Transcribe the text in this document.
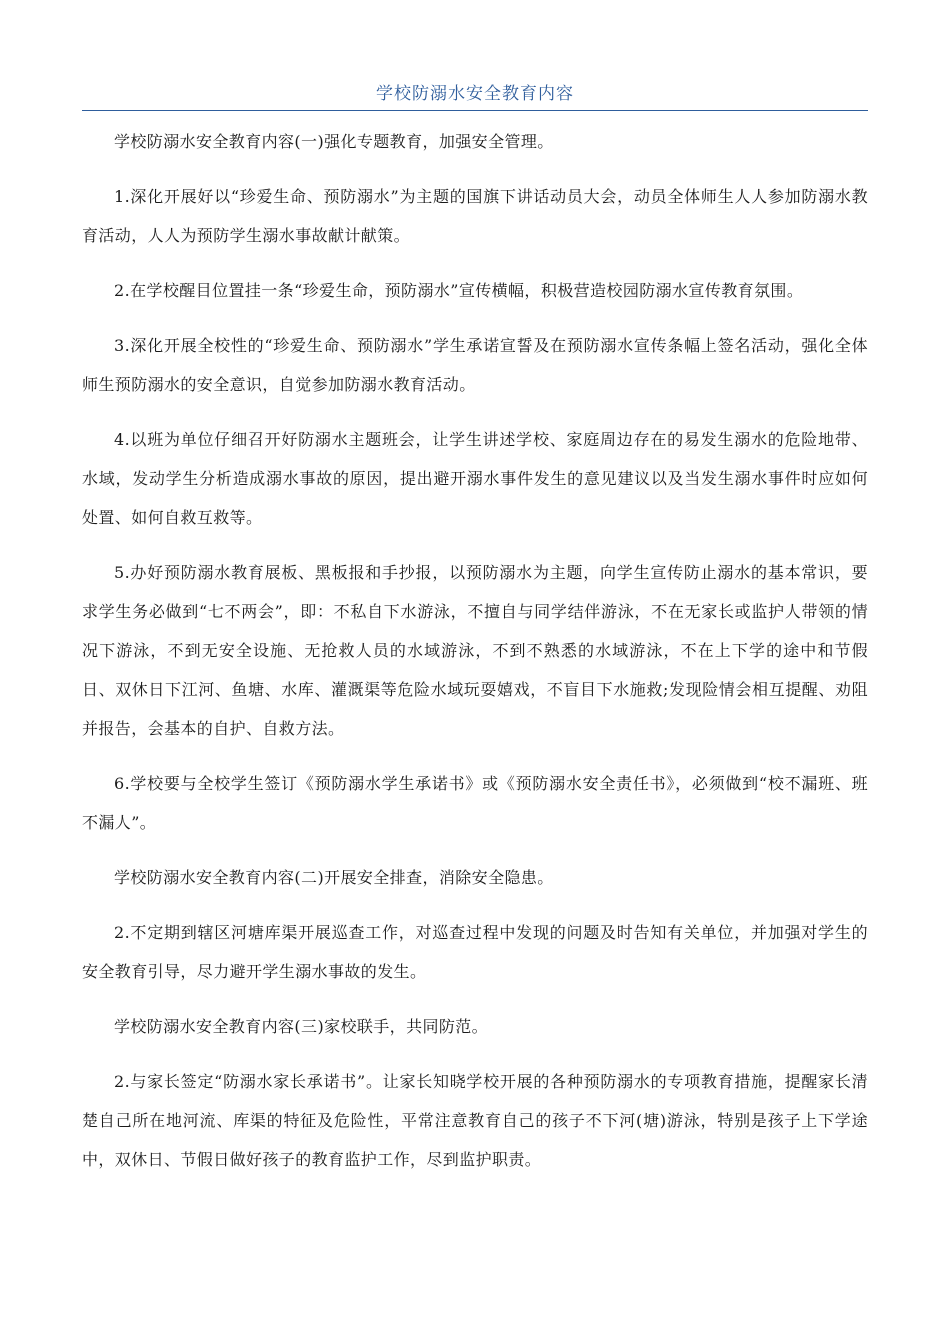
学校防溺水安全教育内容

学校防溺水安全教育内容(一)强化专题教育，加强安全管理。

1.深化开展好以“珍爱生命、预防溺水”为主题的国旗下讲话动员大会，动员全体师生人人参加防溺水教育活动，人人为预防学生溺水事故献计献策。

2.在学校醒目位置挂一条“珍爱生命，预防溺水”宣传横幅，积极营造校园防溺水宣传教育氛围。

3.深化开展全校性的“珍爱生命、预防溺水”学生承诺宣誓及在预防溺水宣传条幅上签名活动，强化全体师生预防溺水的安全意识，自觉参加防溺水教育活动。

4.以班为单位仔细召开好防溺水主题班会，让学生讲述学校、家庭周边存在的易发生溺水的危险地带、水域，发动学生分析造成溺水事故的原因，提出避开溺水事件发生的意见建议以及当发生溺水事件时应如何处置、如何自救互救等。

5.办好预防溺水教育展板、黑板报和手抄报，以预防溺水为主题，向学生宣传防止溺水的基本常识，要求学生务必做到“七不两会”，即：不私自下水游泳，不擅自与同学结伴游泳，不在无家长或监护人带领的情况下游泳，不到无安全设施、无抢救人员的水域游泳，不到不熟悉的水域游泳，不在上下学的途中和节假日、双休日下江河、鱼塘、水库、灌溉渠等危险水域玩耍嬉戏，不盲目下水施救;发现险情会相互提醒、劝阻并报告，会基本的自护、自救方法。

6.学校要与全校学生签订《预防溺水学生承诺书》或《预防溺水安全责任书》，必须做到“校不漏班、班不漏人”。

学校防溺水安全教育内容(二)开展安全排查，消除安全隐患。

2.不定期到辖区河塘库渠开展巡查工作，对巡查过程中发现的问题及时告知有关单位，并加强对学生的安全教育引导，尽力避开学生溺水事故的发生。

学校防溺水安全教育内容(三)家校联手，共同防范。

2.与家长签定“防溺水家长承诺书”。让家长知晓学校开展的各种预防溺水的专项教育措施，提醒家长清楚自己所在地河流、库渠的特征及危险性，平常注意教育自己的孩子不下河(塘)游泳，特别是孩子上下学途中，双休日、节假日做好孩子的教育监护工作，尽到监护职责。
